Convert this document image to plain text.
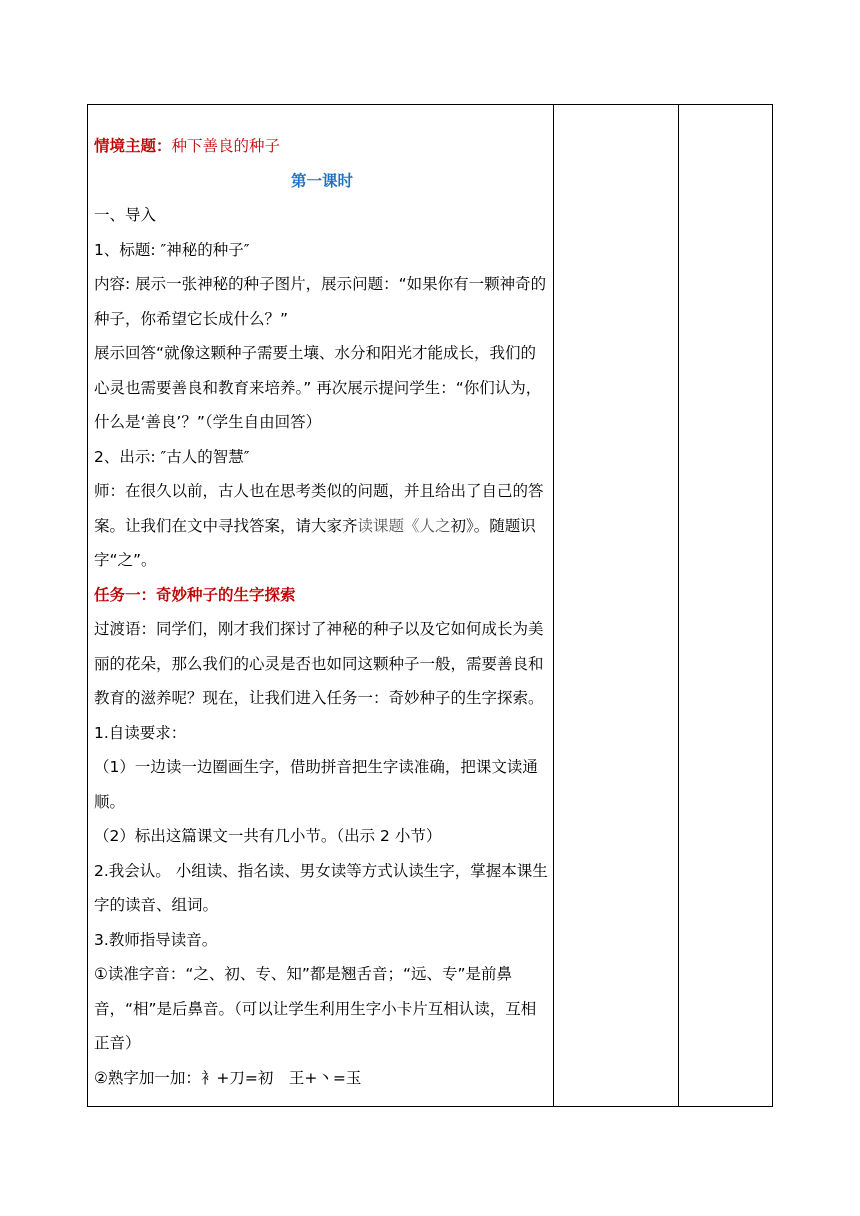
情境主题：种下善良的种子

第一课时

一、导入

1、标题: ″神秘的种子″

内容: 展示一张神秘的种子图片，展示问题：“如果你有一颗神奇的种子，你希望它长成什么？”

展示回答“就像这颗种子需要土壤、水分和阳光才能成长，我们的心灵也需要善良和教育来培养。” 再次展示提问学生：“你们认为，什么是‘善良’？”（学生自由回答）

2、出示: ″古人的智慧″

师：在很久以前，古人也在思考类似的问题，并且给出了自己的答案。让我们在文中寻找答案，请大家齐读课题《人之初》。随题识字“之”。

任务一：奇妙种子的生字探索

过渡语：同学们，刚才我们探讨了神秘的种子以及它如何成长为美丽的花朵，那么我们的心灵是否也如同这颗种子一般，需要善良和教育的滋养呢？现在，让我们进入任务一：奇妙种子的生字探索。

1.自读要求：

（1）一边读一边圈画生字，借助拼音把生字读准确，把课文读通顺。

（2）标出这篇课文一共有几小节。（出示 2 小节）

2.我会认。 小组读、指名读、男女读等方式认读生字，掌握本课生字的读音、组词。

3.教师指导读音。

①读准字音：“之、初、专、知”都是翘舌音；“远、专”是前鼻音，“相”是后鼻音。（可以让学生利用生字小卡片互相认读，互相正音）

②熟字加一加：衤+刀=初　王+丶=玉
